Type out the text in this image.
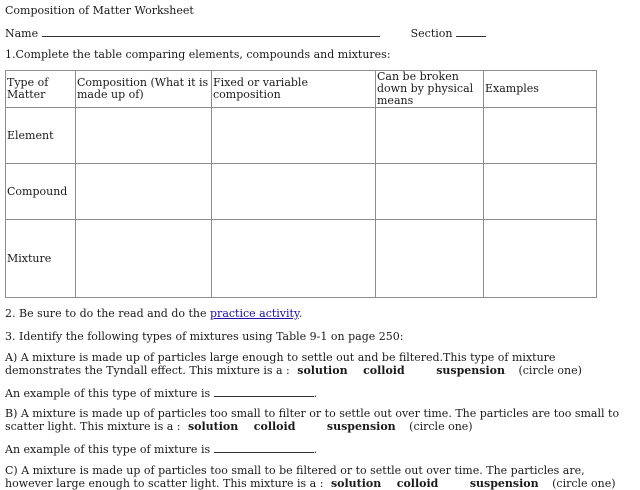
Composition of Matter Worksheet
Name	Section
1.Complete the table comparing elements, compounds and mixtures:
Type of Matter	Composition (What it is made up of)	Fixed or variable composition	Can be broken down by physical means	Examples
Element				
Compound				
Mixture				
2. Be sure to do the read and do the practice activity.
3. Identify the following types of mixtures using Table 9-1 on page 250:
A) A mixture is made up of particles large enough to settle out and be filtered.This type of mixture demonstrates the Tyndall effect. This mixture is a : solution colloid	suspension (circle one)
An example of this type of mixture is	.
B) A mixture is made up of particles too small to filter or to settle out over time. The particles are too small to scatter light. This mixture is a : solution colloid	suspension (circle one)
An example of this type of mixture is	.
C) A mixture is made up of particles too small to be filtered or to settle out over time. The particles are, however large enough to scatter light. This mixture is a : solution colloid	suspension (circle one)
